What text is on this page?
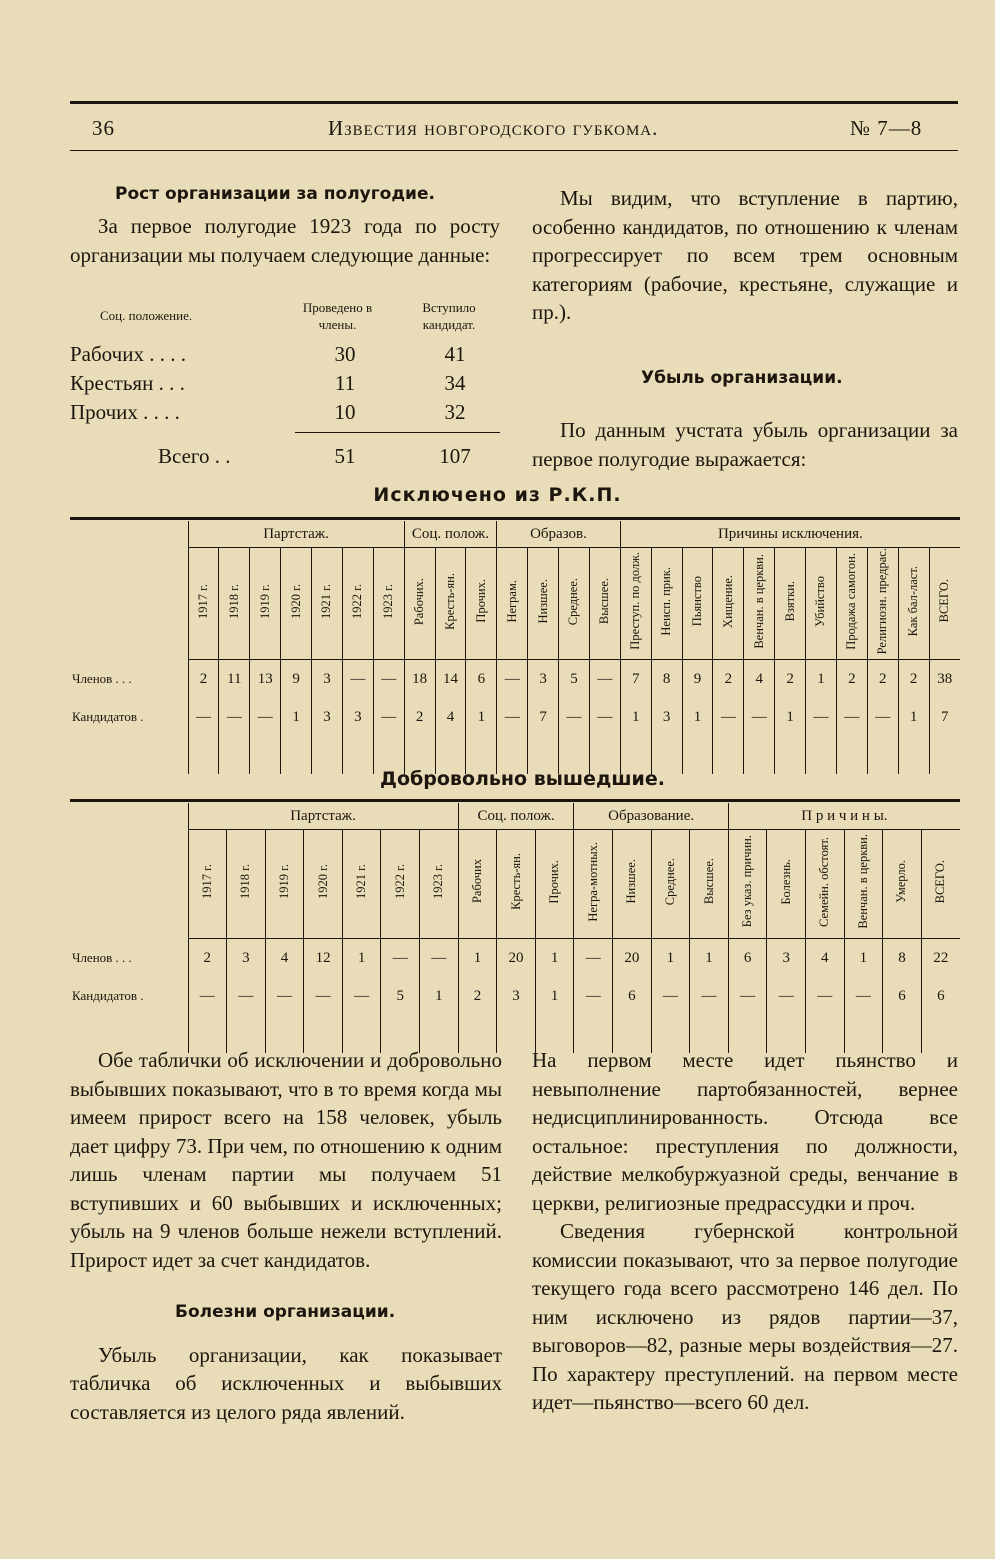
36	Известия новгородского губкома.	№ 7—8
Рост организации за полугодие.

За первое полугодие 1923 года по росту организации мы получаем следующие данные:

Соц. положение.
Проведено в члены.
Вступило кандидат.
Рабочих . . . .	30	41
Крестьян . . .	11	34
Прочих . . . .	10	32
Всего . .	51	107

Мы видим, что вступление в партию, особенно кандидатов, по отношению к членам прогрессирует по всем трем основным категориям (рабочие, крестьяне, служащие и пр.).

Убыль организации.

По данным учстата убыль организации за первое полугодие выражается:

Исключено из Р.К.П.
	Партстаж.							Соц. полож.			Образов.				Причины исключения.										
	1917 г.	1918 г.	1919 г.	1920 г.	1921 г.	1922 г.	1923 г.	Рабочих.	Кресть-ян.	Прочих.	Неграм.	Низшее.	Среднее.	Высшее.	Преступ. по долж.	Неисп. прик.	Пьянство	Хищение.	Венчан. в церкви.	Взятки.	Убийство	Продажа самогон.	Религиозн. предрас.	Как бал-ласт.	ВСЕГО.
Членов . . .	2	11	13	9	3	—	—	18	14	6	—	3	5	—	7	8	9	2	4	2	1	2	2	2	38
Кандидатов .	—	—	—	1	3	3	—	2	4	1	—	7	—	—	1	3	1	—	—	1	—	—	—	1	7

Добровольно вышедшие.
	Партстаж.							Соц. полож.			Образование.				П р и ч и н ы.					
	1917 г.	1918 г.	1919 г.	1920 г.	1921 г.	1922 г.	1923 г.	Рабочих	Кресть-ян.	Прочих.	Негра-мотных.	Низшее.	Среднее.	Высшее.	Без указ. причин.	Болезнь.	Семейн. обстоят.	Венчан. в церкви.	Умерло.	ВСЕГО.
Членов . . .	2	3	4	12	1	—	—	1	20	1	—	20	1	1	6	3	4	1	8	22
Кандидатов .	—	—	—	—	—	5	1	2	3	1	—	6	—	—	—	—	—	—	6	6

Обе таблички об исключении и добровольно выбывших показывают, что в то время когда мы имеем прирост всего на 158 человек, убыль дает цифру 73. При чем, по отношению к одним лишь членам партии мы получаем 51 вступивших и 60 выбывших и исключенных; убыль на 9 членов больше нежели вступлений. Прирост идет за счет кандидатов.

Болезни организации.

Убыль организации, как показывает табличка об исключенных и выбывших составляется из целого ряда явлений.

На первом месте идет пьянство и невыполнение партобязанностей, вернее недисциплинированность. Отсюда все остальное: преступления по должности, действие мелкобуржуазной среды, венчание в церкви, религиозные предрассудки и проч.

Сведения губернской контрольной комиссии показывают, что за первое полугодие текущего года всего рассмотрено 146 дел. По ним исключено из рядов партии—37, выговоров—82, разные меры воздействия—27. По характеру преступлений. на первом месте идет—пьянство—всего 60 дел.
